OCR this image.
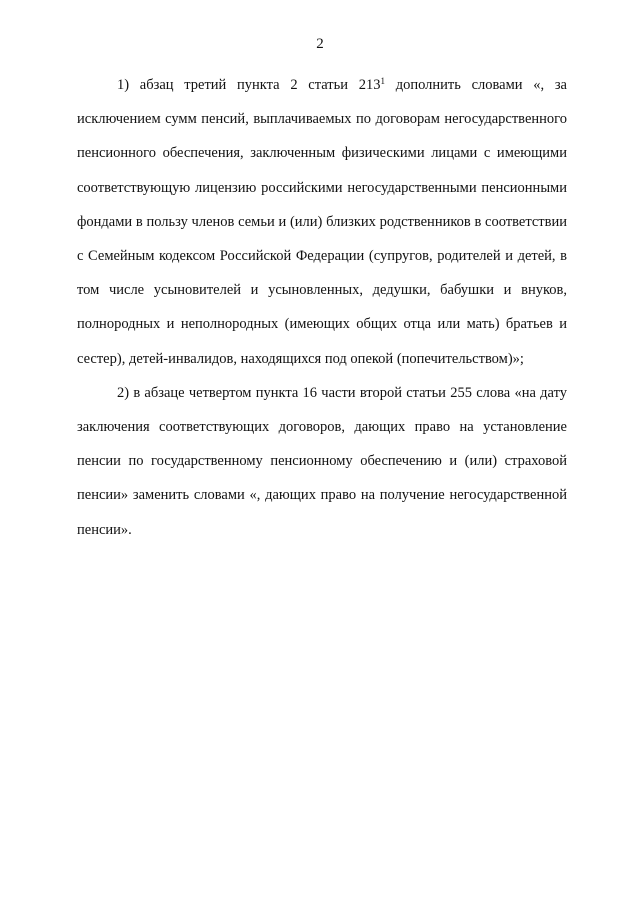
2

1) абзац третий пункта 2 статьи $213^1$ дополнить словами «, за исключением сумм пенсий, выплачиваемых по договорам негосударственного пенсионного обеспечения, заключенным физическими лицами с имеющими соответствующую лицензию российскими негосударственными пенсионными фондами в пользу членов семьи и (или) близких родственников в соответствии с Семейным кодексом Российской Федерации (супругов, родителей и детей, в том числе усыновителей и усыновленных, дедушки, бабушки и внуков, полнородных и неполнородных (имеющих общих отца или мать) братьев и сестер), детей-инвалидов, находящихся под опекой (попечительством)»;

2) в абзаце четвертом пункта 16 части второй статьи 255 слова «на дату заключения соответствующих договоров, дающих право на установление пенсии по государственному пенсионному обеспечению и (или) страховой пенсии» заменить словами «, дающих право на получение негосударственной пенсии».
